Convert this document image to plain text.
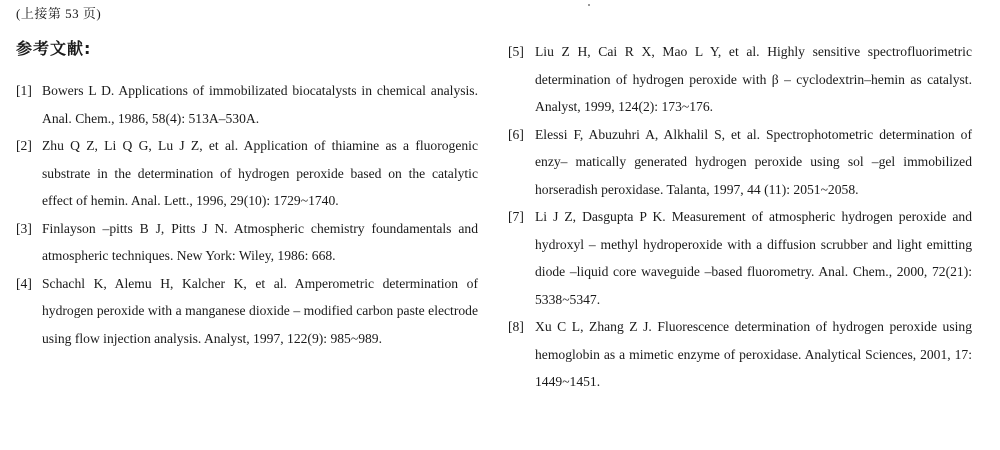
(上接第 53 页)
参考文献:
[1] Bowers L D. Applications of immobilizated biocatalysts in chemical analysis. Anal. Chem., 1986, 58(4): 513A–530A.
[2] Zhu Q Z, Li Q G, Lu J Z, et al. Application of thiamine as a fluorogenic substrate in the determination of hydrogen peroxide based on the catalytic effect of hemin. Anal. Lett., 1996, 29(10): 1729~1740.
[3] Finlayson –pitts B J, Pitts J N. Atmospheric chemistry foundamentals and atmospheric techniques. New York: Wiley, 1986: 668.
[4] Schachl K, Alemu H, Kalcher K, et al. Amperometric determination of hydrogen peroxide with a manganese dioxide – modified carbon paste electrode using flow injection analysis. Analyst, 1997, 122(9): 985~989.
[5] Liu Z H, Cai R X, Mao L Y, et al. Highly sensitive spectrofluorimetric determination of hydrogen peroxide with β – cyclodextrin–hemin as catalyst. Analyst, 1999, 124(2): 173~176.
[6] Elessi F, Abuzuhri A, Alkhalil S, et al. Spectrophotometric determination of enzy– matically generated hydrogen peroxide using sol –gel immobilized horseradish peroxidase. Talanta, 1997, 44 (11): 2051~2058.
[7] Li J Z, Dasgupta P K. Measurement of atmospheric hydrogen peroxide and hydroxyl – methyl hydroperoxide with a diffusion scrubber and light emitting diode –liquid core waveguide –based fluorometry. Anal. Chem., 2000, 72(21): 5338~5347.
[8] Xu C L, Zhang Z J. Fluorescence determination of hydrogen peroxide using hemoglobin as a mimetic enzyme of peroxidase. Analytical Sciences, 2001, 17: 1449~1451.
